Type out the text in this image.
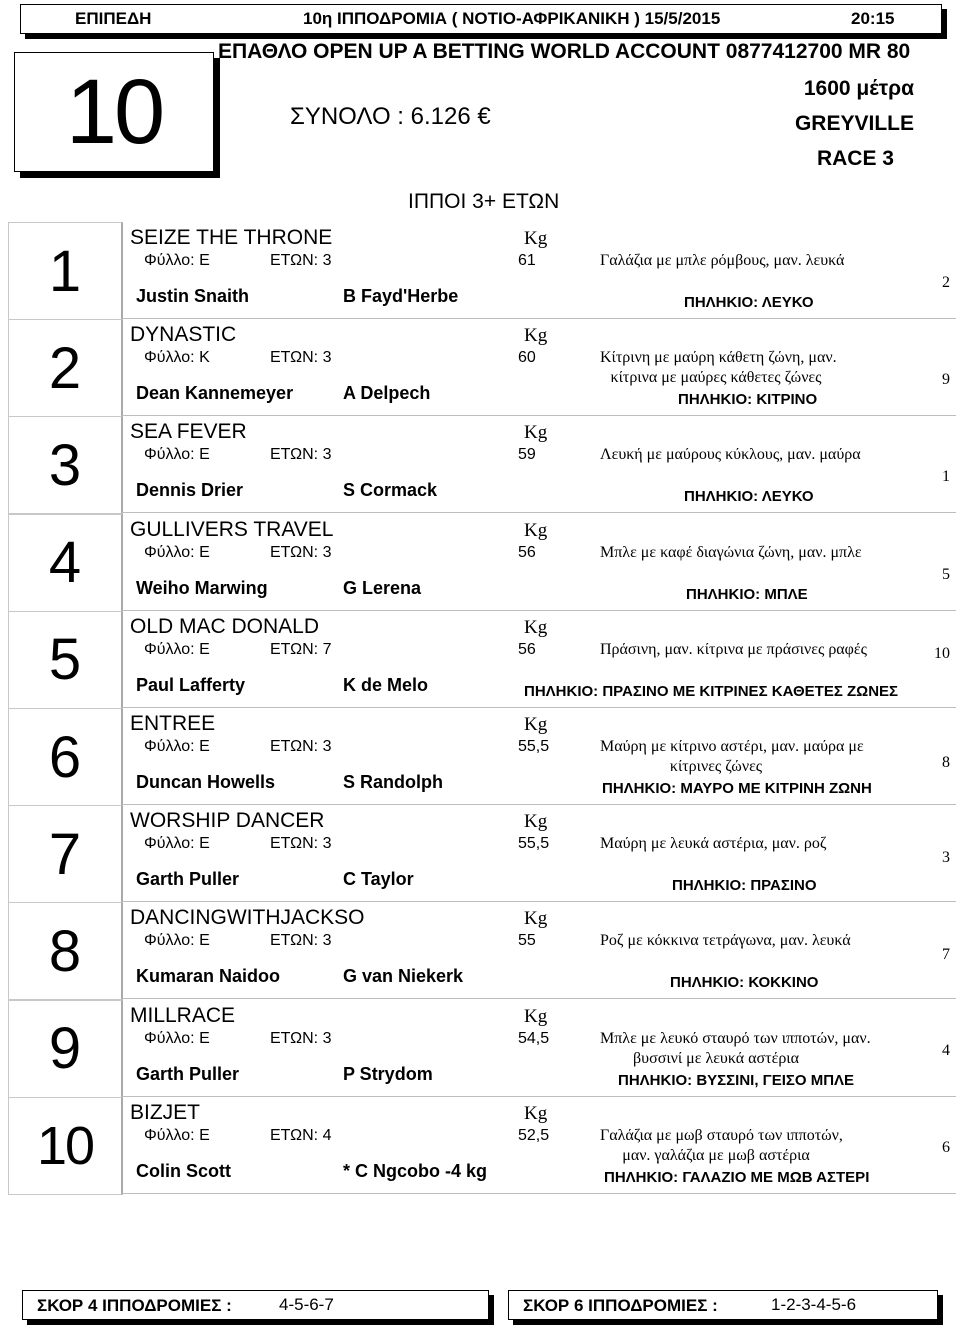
ΕΠΙΠΕΔΗ	10η ΙΠΠΟΔΡΟΜΙΑ ( ΝΟΤΙΟ-ΑΦΡΙΚΑΝΙΚΗ ) 15/5/2015	20:15
10
ΕΠΑΘΛΟ OPEN UP A BETTING WORLD ACCOUNT 0877412700 MR 80
ΣΥΝΟΛΟ : 6.126 €
1600 μέτρα
GREYVILLE
RACE 3
ΙΠΠΟΙ 3+ ΕΤΩΝ
1
SEIZE THE THRONE	Kg
Φύλλο: Ε	ΕΤΩΝ: 3	61	Γαλάζια με μπλε ρόμβους, μαν. λευκά
Justin Snaith	B Fayd'Herbe	ΠΗΛΗΚΙΟ: ΛΕΥΚΟ
2
2
DYNASTIC	Kg
Φύλλο: Κ	ΕΤΩΝ: 3	60	Κίτρινη με μαύρη κάθετη ζώνη, μαν.
κίτρινα με μαύρες κάθετες ζώνες
Dean Kannemeyer	A Delpech	ΠΗΛΗΚΙΟ: ΚΙΤΡΙΝΟ
9
3
SEA FEVER	Kg
Φύλλο: Ε	ΕΤΩΝ: 3	59	Λευκή με μαύρους κύκλους, μαν. μαύρα
Dennis Drier	S Cormack	ΠΗΛΗΚΙΟ: ΛΕΥΚΟ
1
4
GULLIVERS TRAVEL	Kg
Φύλλο: Ε	ΕΤΩΝ: 3	56	Μπλε με καφέ διαγώνια ζώνη, μαν. μπλε
Weiho Marwing	G Lerena	ΠΗΛΗΚΙΟ: ΜΠΛΕ
5
5
OLD MAC DONALD	Kg
Φύλλο: Ε	ΕΤΩΝ: 7	56	Πράσινη, μαν. κίτρινα με πράσινες ραφές
Paul Lafferty	K de Melo	ΠΗΛΗΚΙΟ: ΠΡΑΣΙΝΟ ΜΕ ΚΙΤΡΙΝΕΣ ΚΑΘΕΤΕΣ ΖΩΝΕΣ
10
6
ENTREE	Kg
Φύλλο: Ε	ΕΤΩΝ: 3	55,5	Μαύρη με κίτρινο αστέρι, μαν. μαύρα με
κίτρινες ζώνες
Duncan Howells	S Randolph	ΠΗΛΗΚΙΟ: ΜΑΥΡΟ ΜΕ ΚΙΤΡΙΝΗ ΖΩΝΗ
8
7
WORSHIP DANCER	Kg
Φύλλο: Ε	ΕΤΩΝ: 3	55,5	Μαύρη με λευκά αστέρια, μαν. ροζ
Garth Puller	C Taylor	ΠΗΛΗΚΙΟ: ΠΡΑΣΙΝΟ
3
8
DANCINGWITHJACKSO	Kg
Φύλλο: Ε	ΕΤΩΝ: 3	55	Ροζ με κόκκινα τετράγωνα, μαν. λευκά
Kumaran Naidoo	G van Niekerk	ΠΗΛΗΚΙΟ: ΚΟΚΚΙΝΟ
7
9
MILLRACE	Kg
Φύλλο: Ε	ΕΤΩΝ: 3	54,5	Μπλε με λευκό σταυρό των ιπποτών, μαν.
βυσσινί με λευκά αστέρια
Garth Puller	P Strydom	ΠΗΛΗΚΙΟ: ΒΥΣΣΙΝΙ, ΓΕΙΣΟ ΜΠΛΕ
4
10
BIZJET	Kg
Φύλλο: Ε	ΕΤΩΝ: 4	52,5	Γαλάζια με μωβ σταυρό των ιπποτών,
μαν. γαλάζια με μωβ αστέρια
Colin Scott	* C Ngcobo -4 kg	ΠΗΛΗΚΙΟ: ΓΑΛΑΖΙΟ ΜΕ ΜΩΒ ΑΣΤΕΡΙ
6
ΣΚΟΡ 4 ΙΠΠΟΔΡΟΜΙΕΣ :	4-5-6-7	ΣΚΟΡ 6 ΙΠΠΟΔΡΟΜΙΕΣ :	1-2-3-4-5-6
